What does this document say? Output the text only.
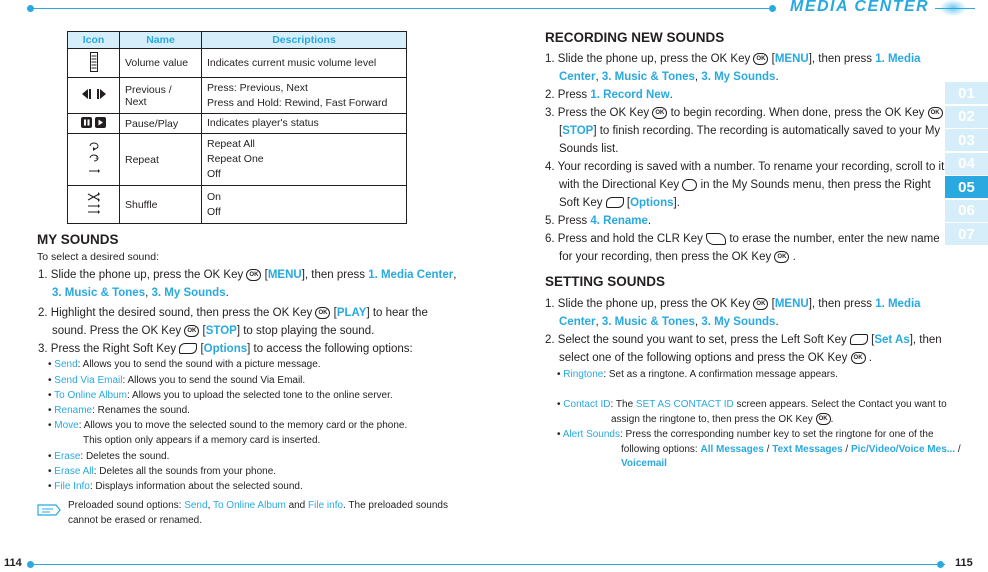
MEDIA CENTER
01
02
03
04
05
06
07
Icon	Name	Descriptions
	Volume value	Indicates current music volume level

	Previous / Next	Press: Previous, Next
Press and Hold: Rewind, Fast Forward

	Pause/Play	Indicates player's status

1	Repeat	Repeat All
Repeat One
Off

	Shuffle	On
Off
MY SOUNDS
To select a desired sound:
1. Slide the phone up, press the OK Key OK [MENU], then press 1. Media Center,
3. Music & Tones, 3. My Sounds.
2. Highlight the desired sound, then press the OK Key OK [PLAY] to hear the
sound. Press the OK Key OK [STOP] to stop playing the sound.
3. Press the Right Soft Key  [Options] to access the following options:
• Send: Allows you to send the sound with a picture message.
• Send Via Email: Allows you to send the sound Via Email.
• To Online Album: Allows you to upload the selected tone to the online server.
• Rename: Renames the sound.
• Move: Allows you to move the selected sound to the memory card or the phone.
This option only appears if a memory card is inserted.
• Erase: Deletes the sound.
• Erase All: Deletes all the sounds from your phone.
• File Info: Displays information about the selected sound.
Preloaded sound options: Send, To Online Album and File info. The preloaded sounds
cannot be erased or renamed.
RECORDING NEW SOUNDS
1. Slide the phone up, press the OK Key OK [MENU], then press 1. Media
Center, 3. Music & Tones, 3. My Sounds.
2. Press 1. Record New.
3. Press the OK Key OK to begin recording. When done, press the OK Key OK
[STOP] to finish recording. The recording is automatically saved to your My
Sounds list.
4. Your recording is saved with a number. To rename your recording, scroll to it
with the Directional Key in the My Sounds menu, then press the Right
Soft Key  [Options].
5. Press 4. Rename.
6. Press and hold the CLR Key to erase the number, enter the new name
for your recording, then press the OK Key OK .
SETTING SOUNDS
1. Slide the phone up, press the OK Key OK [MENU], then press 1. Media
Center, 3. Music & Tones, 3. My Sounds.
2. Select the sound you want to set, press the Left Soft Key  [Set As], then
select one of the following options and press the OK Key OK .
• Ringtone: Set as a ringtone. A confirmation message appears.
• Contact ID: The SET AS CONTACT ID screen appears. Select the Contact you want to
assign the ringtone to, then press the OK Key OK .
• Alert Sounds: Press the corresponding number key to set the ringtone for one of the
following options: All Messages / Text Messages / Pic/Video/Voice Mes... /
Voicemail
114	115
